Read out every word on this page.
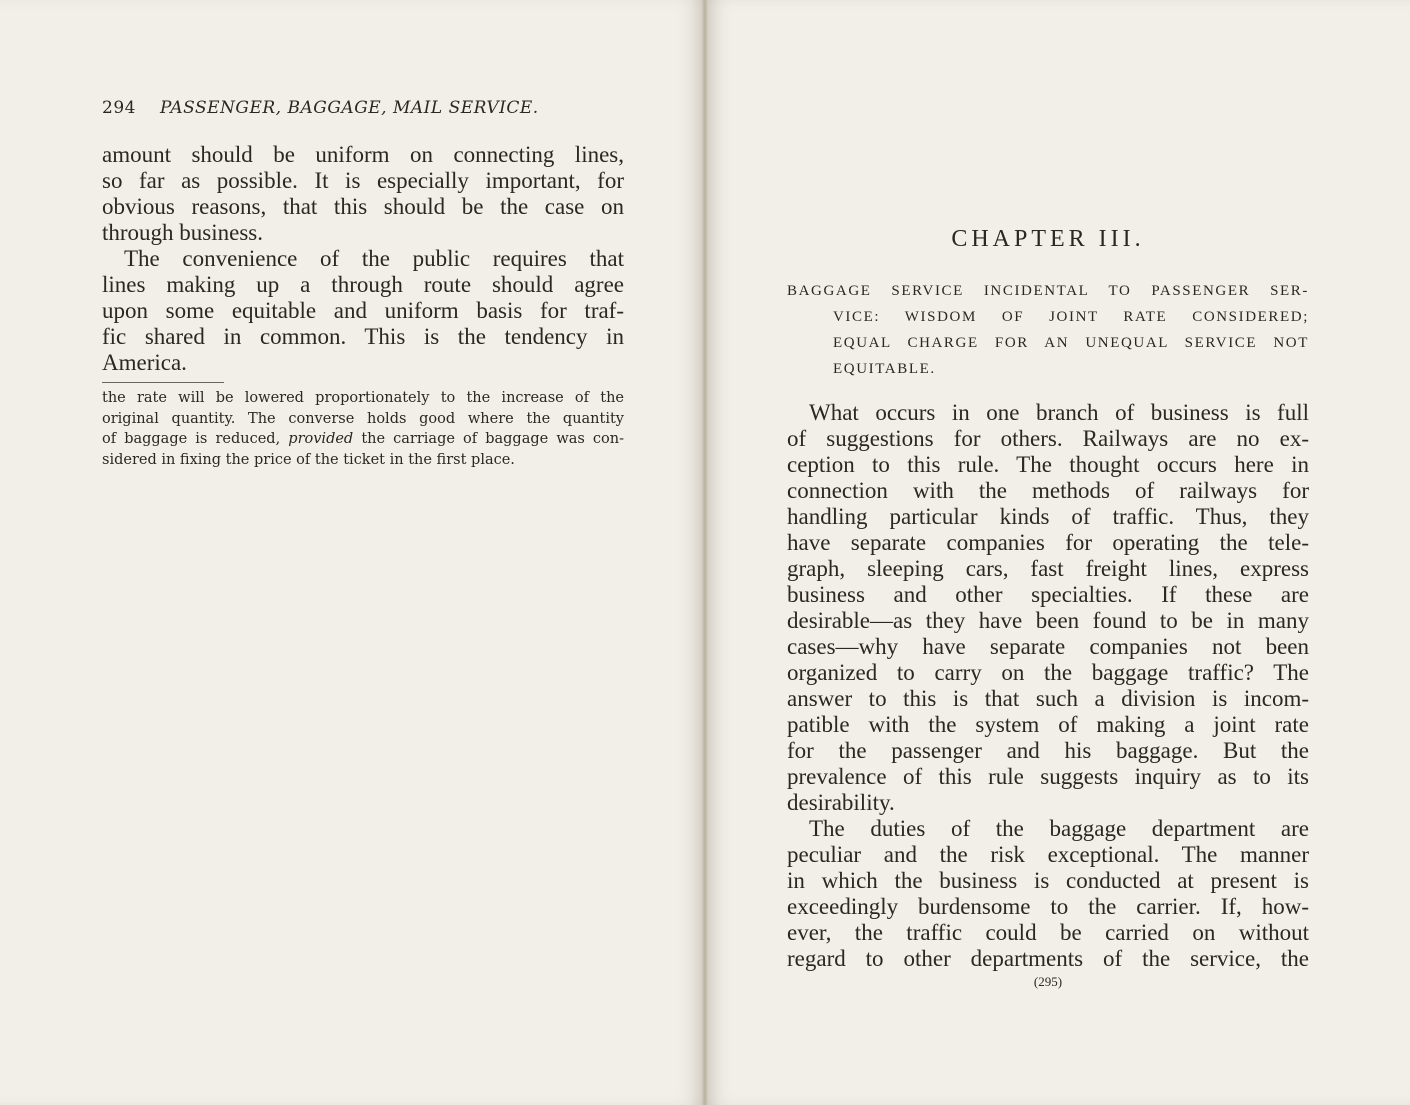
294 PASSENGER, BAGGAGE, MAIL SERVICE.
amount should be uniform on connecting lines,
so far as possible. It is especially important, for
obvious reasons, that this should be the case on
through business.
The convenience of the public requires that
lines making up a through route should agree
upon some equitable and uniform basis for traf-
fic shared in common. This is the tendency in
America.
the rate will be lowered proportionately to the increase of the
original quantity. The converse holds good where the quantity
of baggage is reduced, provided the carriage of baggage was con-
sidered in fixing the price of the ticket in the first place.
CHAPTER III.
BAGGAGE SERVICE INCIDENTAL TO PASSENGER SER-
VICE: WISDOM OF JOINT RATE CONSIDERED;
EQUAL CHARGE FOR AN UNEQUAL SERVICE NOT
EQUITABLE.
What occurs in one branch of business is full
of suggestions for others. Railways are no ex-
ception to this rule. The thought occurs here in
connection with the methods of railways for
handling particular kinds of traffic. Thus, they
have separate companies for operating the tele-
graph, sleeping cars, fast freight lines, express
business and other specialties. If these are
desirable—as they have been found to be in many
cases—why have separate companies not been
organized to carry on the baggage traffic? The
answer to this is that such a division is incom-
patible with the system of making a joint rate
for the passenger and his baggage. But the
prevalence of this rule suggests inquiry as to its
desirability.
The duties of the baggage department are
peculiar and the risk exceptional. The manner
in which the business is conducted at present is
exceedingly burdensome to the carrier. If, how-
ever, the traffic could be carried on without
regard to other departments of the service, the
(295)
